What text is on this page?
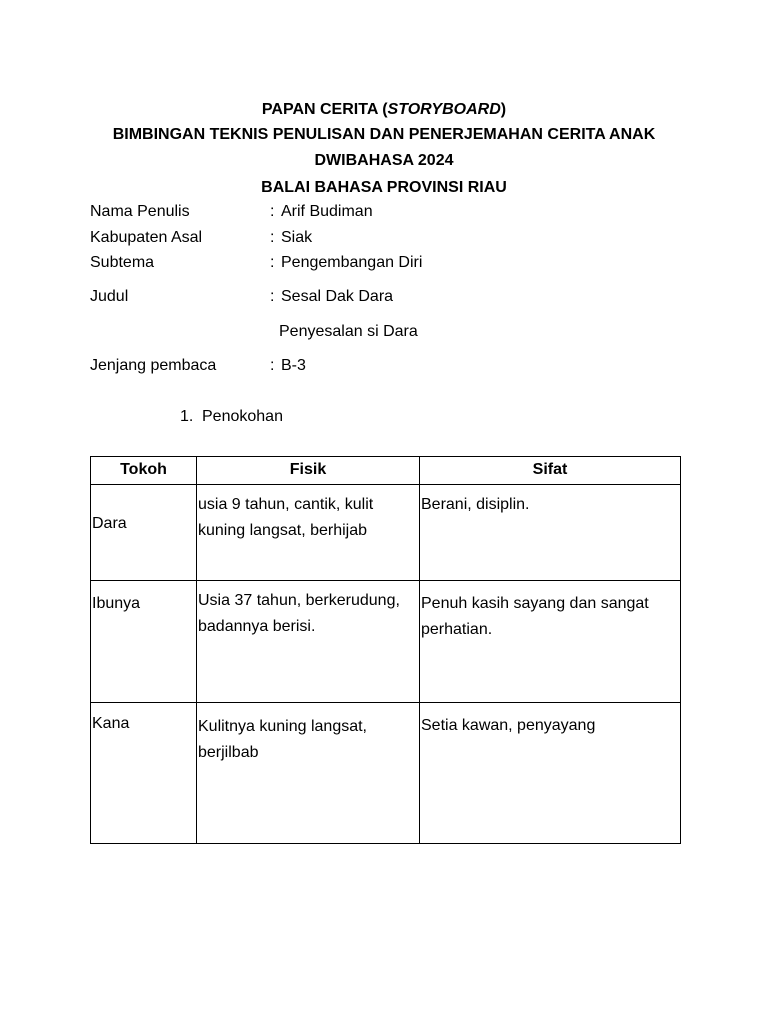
PAPAN CERITA (STORYBOARD)
BIMBINGAN TEKNIS PENULISAN DAN PENERJEMAHAN CERITA ANAK
DWIBAHASA 2024
BALAI BAHASA PROVINSI RIAU
Nama Penulis	: Arif Budiman
Kabupaten Asal	: Siak
Subtema	: Pengembangan Diri
Judul	: Sesal Dak Dara
Penyesalan si Dara
Jenjang pembaca	: B-3
1. Penokohan
Tokoh	Fisik	Sifat

Dara	usia 9 tahun, cantik, kulit kuning langsat, berhijab	Berani, disiplin.

Ibunya	Usia 37 tahun, berkerudung, badannya berisi.	Penuh kasih sayang dan sangat perhatian.

Kana	Kulitnya kuning langsat, berjilbab	Setia kawan, penyayang
